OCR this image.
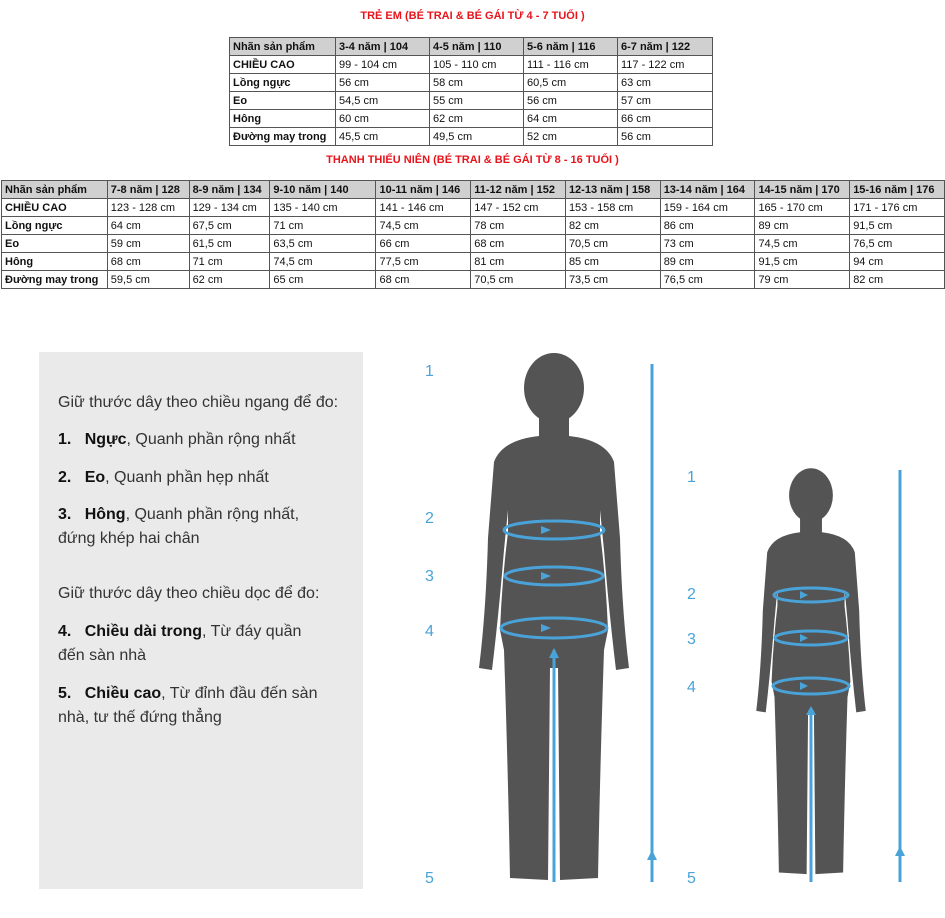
TRẺ EM (BÉ TRAI & BÉ GÁI TỪ 4 - 7 TUỔI )
Nhãn sản phẩm	3-4 năm | 104	4-5 năm | 110	5-6 năm | 116	6-7 năm | 122
CHIỀU CAO	99 - 104 cm	105 - 110 cm	111 - 116 cm	117 - 122 cm
Lồng ngực	56 cm	58 cm	60,5 cm	63 cm
Eo	54,5 cm	55 cm	56 cm	57 cm
Hông	60 cm	62 cm	64 cm	66 cm
Đường may trong	45,5 cm	49,5 cm	52 cm	56 cm
THANH THIẾU NIÊN (BÉ TRAI & BÉ GÁI TỪ 8 - 16 TUỔI )
Nhãn sản phẩm	7-8 năm | 128	8-9 năm | 134	9-10 năm | 140	10-11 năm | 146	11-12 năm | 152	12-13 năm | 158	13-14 năm | 164	14-15 năm | 170	15-16 năm | 176
CHIỀU CAO	123 - 128 cm	129 - 134 cm	135 - 140 cm	141 - 146 cm	147 - 152 cm	153 - 158 cm	159 - 164 cm	165 - 170 cm	171 - 176 cm
Lồng ngực	64 cm	67,5 cm	71 cm	74,5 cm	78 cm	82 cm	86 cm	89 cm	91,5 cm
Eo	59 cm	61,5 cm	63,5 cm	66 cm	68 cm	70,5 cm	73 cm	74,5 cm	76,5 cm
Hông	68 cm	71 cm	74,5 cm	77,5 cm	81 cm	85 cm	89 cm	91,5 cm	94 cm
Đường may trong	59,5 cm	62 cm	65 cm	68 cm	70,5 cm	73,5 cm	76,5 cm	79 cm	82 cm

Giữ thước dây theo chiều ngang để đo:

1. Ngực, Quanh phần rộng nhất

2. Eo, Quanh phần hẹp nhất

3. Hông, Quanh phần rộng nhất, đứng khép hai chân

Giữ thước dây theo chiều dọc để đo:

4. Chiều dài trong, Từ đáy quần đến sàn nhà

5. Chiều cao, Từ đỉnh đầu đến sàn nhà, tư thế đứng thẳng

1
2
3
4
5
1
2
3
4
5
